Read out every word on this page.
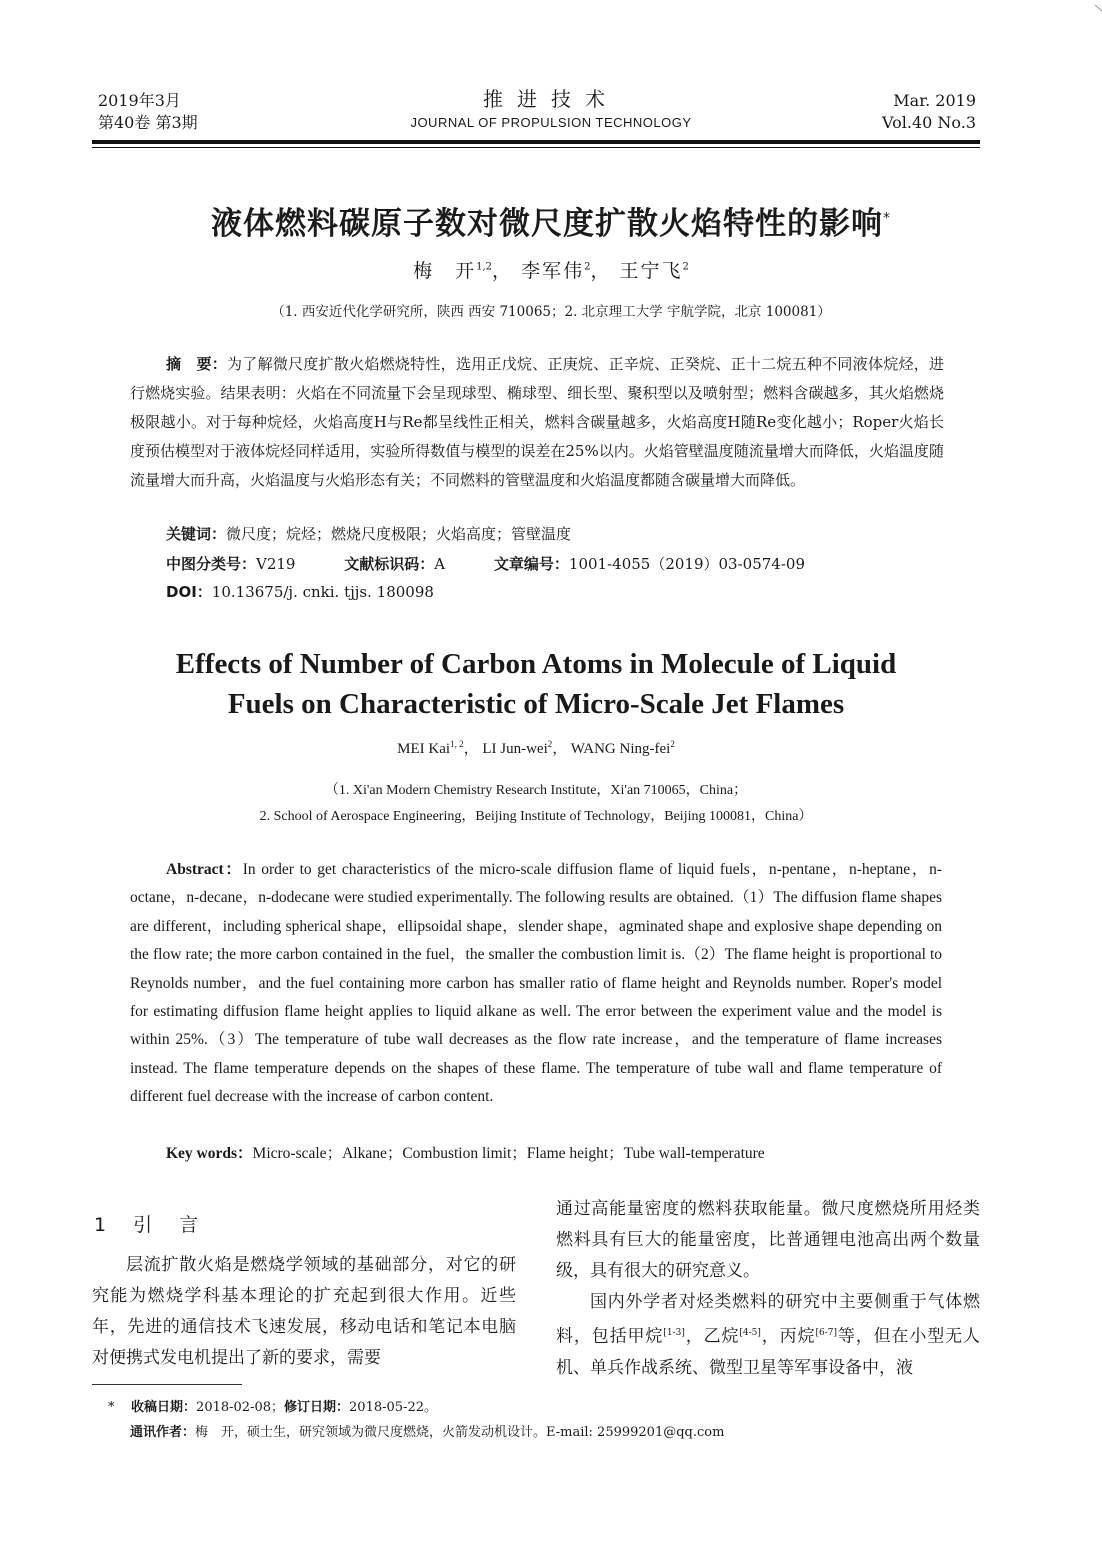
2019年3月
第40卷 第3期
推进技术
JOURNAL OF PROPULSION TECHNOLOGY
Mar. 2019
Vol.40 No.3
液体燃料碳原子数对微尺度扩散火焰特性的影响*
梅　开$^{1,2}$， 李军伟$^2$， 王宁飞$^2$
（1. 西安近代化学研究所，陕西 西安 710065；2. 北京理工大学 宇航学院，北京 100081）
摘　要：为了解微尺度扩散火焰燃烧特性，选用正戊烷、正庚烷、正辛烷、正癸烷、正十二烷五种不同液体烷烃，进行燃烧实验。结果表明：火焰在不同流量下会呈现球型、椭球型、细长型、聚积型以及喷射型；燃料含碳越多，其火焰燃烧极限越小。对于每种烷烃，火焰高度H与Re都呈线性正相关，燃料含碳量越多，火焰高度H随Re变化越小；Roper火焰长度预估模型对于液体烷烃同样适用，实验所得数值与模型的误差在25%以内。火焰管壁温度随流量增大而降低，火焰温度随流量增大而升高，火焰温度与火焰形态有关；不同燃料的管壁温度和火焰温度都随含碳量增大而降低。
关键词：微尺度；烷烃；燃烧尺度极限；火焰高度；管壁温度
中图分类号：V219	文献标识码：A	文章编号：1001-4055（2019）03-0574-09
DOI：10.13675/j. cnki. tjjs. 180098
Effects of Number of Carbon Atoms in Molecule of Liquid
Fuels on Characteristic of Micro-Scale Jet Flames
MEI Kai$^{1, 2}$， LI Jun-wei$^2$， WANG Ning-fei$^2$
（1. Xi'an Modern Chemistry Research Institute，Xi'an 710065，China；
2. School of Aerospace Engineering，Beijing Institute of Technology，Beijing 100081，China）
Abstract：In order to get characteristics of the micro-scale diffusion flame of liquid fuels，n-pentane，n-heptane，n-octane，n-decane，n-dodecane were studied experimentally. The following results are obtained.（1）The diffusion flame shapes are different，including spherical shape，ellipsoidal shape，slender shape，agminated shape and explosive shape depending on the flow rate; the more carbon contained in the fuel，the smaller the combustion limit is.（2）The flame height is proportional to Reynolds number，and the fuel containing more carbon has smaller ratio of flame height and Reynolds number. Roper's model for estimating diffusion flame height applies to liquid alkane as well. The error between the experiment value and the model is within 25%.（3）The temperature of tube wall decreases as the flow rate increase，and the temperature of flame increases instead. The flame temperature depends on the shapes of these flame. The temperature of tube wall and flame temperature of different fuel decrease with the increase of carbon content.
Key words：Micro-scale；Alkane；Combustion limit；Flame height；Tube wall-temperature
1　引　言
层流扩散火焰是燃烧学领域的基础部分，对它的研究能为燃烧学科基本理论的扩充起到很大作用。近些年，先进的通信技术飞速发展，移动电话和笔记本电脑对便携式发电机提出了新的要求，需要
通过高能量密度的燃料获取能量。微尺度燃烧所用烃类燃料具有巨大的能量密度，比普通锂电池高出两个数量级，具有很大的研究意义。
国内外学者对烃类燃料的研究中主要侧重于气体燃料，包括甲烷[1-3]，乙烷[4-5]，丙烷[6-7]等，但在小型无人机、单兵作战系统、微型卫星等军事设备中，液
* 收稿日期：2018-02-08；修订日期：2018-05-22。
通讯作者：梅　开，硕士生，研究领域为微尺度燃烧，火箭发动机设计。E-mail: 25999201@qq.com
